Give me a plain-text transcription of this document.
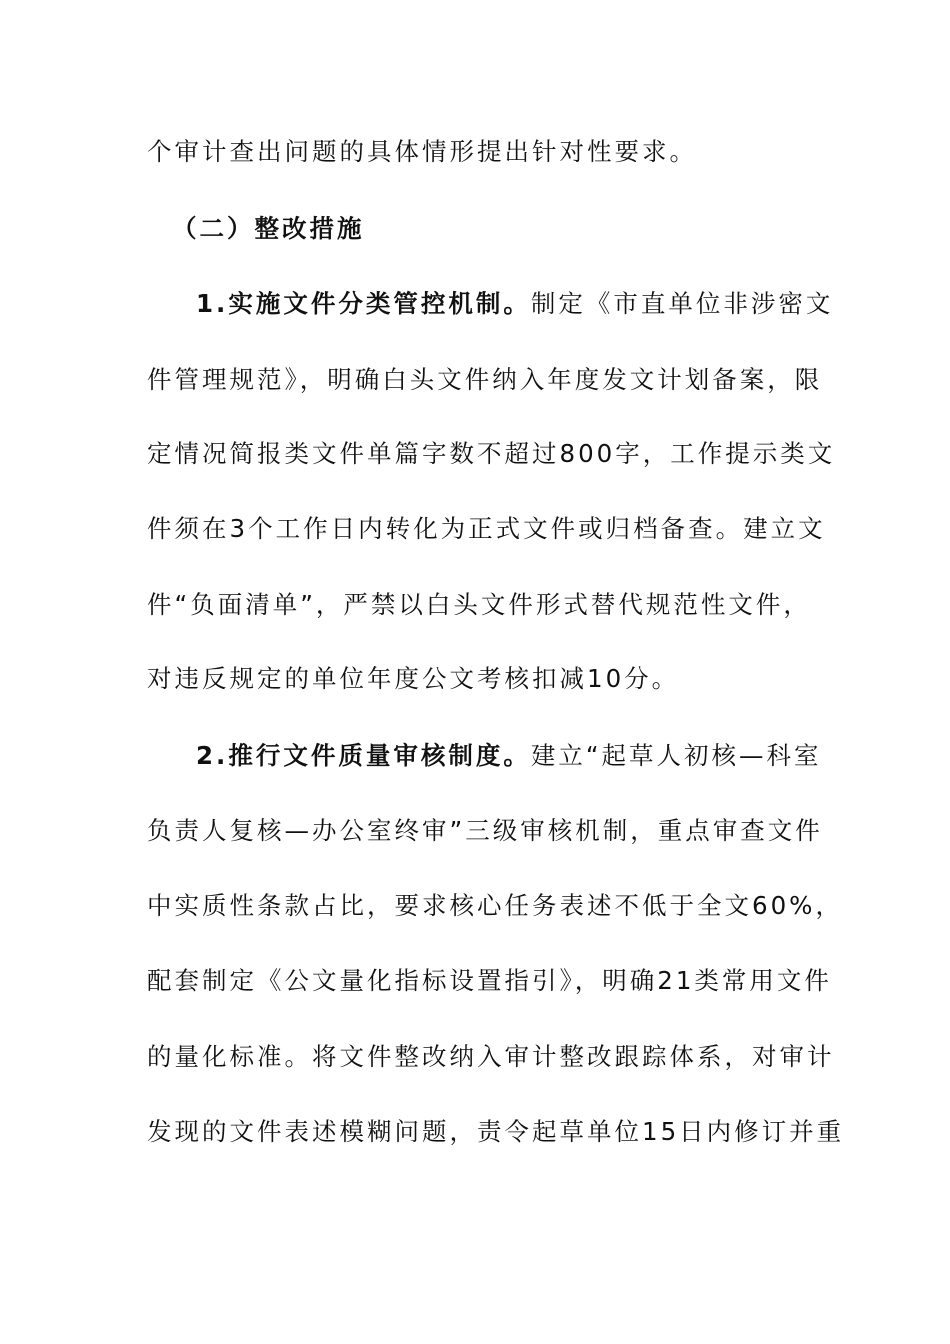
个审计查出问题的具体情形提出针对性要求。
（二）整改措施
1.实施文件分类管控机制。制定《市直单位非涉密文
件管理规范》，明确白头文件纳入年度发文计划备案，限
定情况简报类文件单篇字数不超过800字，工作提示类文
件须在3个工作日内转化为正式文件或归档备查。建立文
件“负面清单”，严禁以白头文件形式替代规范性文件，
对违反规定的单位年度公文考核扣减10分。
2.推行文件质量审核制度。建立“起草人初核—科室
负责人复核—办公室终审”三级审核机制，重点审查文件
中实质性条款占比，要求核心任务表述不低于全文60%，
配套制定《公文量化指标设置指引》，明确21类常用文件
的量化标准。将文件整改纳入审计整改跟踪体系，对审计
发现的文件表述模糊问题，责令起草单位15日内修订并重
